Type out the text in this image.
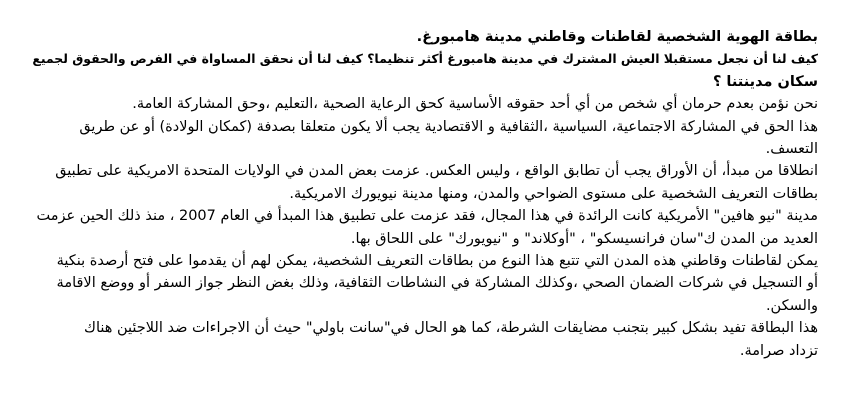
بطاقة الهوية الشخصية لقاطنات وقاطني مدينة هامبورغ.
كيف لنا أن نجعل مستقبلا العيش المشترك في مدينة هامبورغ أكثر تنظيما؟ كيف لنا أن نحقق المساواة في الفرص والحقوق لجميع
سكان مدينتنا ؟
نحن نؤمن بعدم حرمان أي شخص من أي أحد حقوقه الأساسية كحق الرعاية الصحية ،التعليم ،وحق المشاركة العامة.
هذا الحق في المشاركة الاجتماعية، السياسية ،الثقافية و الاقتصادية يجب ألا يكون متعلقا بصدفة (كمكان الولادة) أو عن طريق
التعسف.
انطلاقا من مبدأ، أن الأوراق يجب أن تطابق الواقع ، وليس العكس. عزمت بعض المدن في الولايات المتحدة الامريكية على تطبيق
بطاقات التعريف الشخصية على مستوى الضواحي والمدن، ومنها مدينة نيويورك الامريكية.
مدينة "نيو هافين" الأمريكية كانت الرائدة في هذا المجال، فقد عزمت على تطبيق هذا المبدأ في العام 2007 ، منذ ذلك الحين عزمت
العديد من المدن ك"سان فرانسيسكو" ، "أوكلاند" و "نيويورك" على اللحاق بها.
يمكن لقاطنات وقاطني هذه المدن التي تتبع هذا النوع من بطاقات التعريف الشخصية، يمكن لهم أن يقدموا على فتح أرصدة بنكية
أو التسجيل في شركات الضمان الصحي ،وكذلك المشاركة في النشاطات الثقافية، وذلك بغض النظر جواز السفر أو ووضع الاقامة
والسكن.
هذا البطاقة تفيد بشكل كبير بتجنب مضايقات الشرطة، كما هو الحال في"سانت باولي" حيث أن الاجراءات ضد اللاجئين هناك
تزداد صرامة.
